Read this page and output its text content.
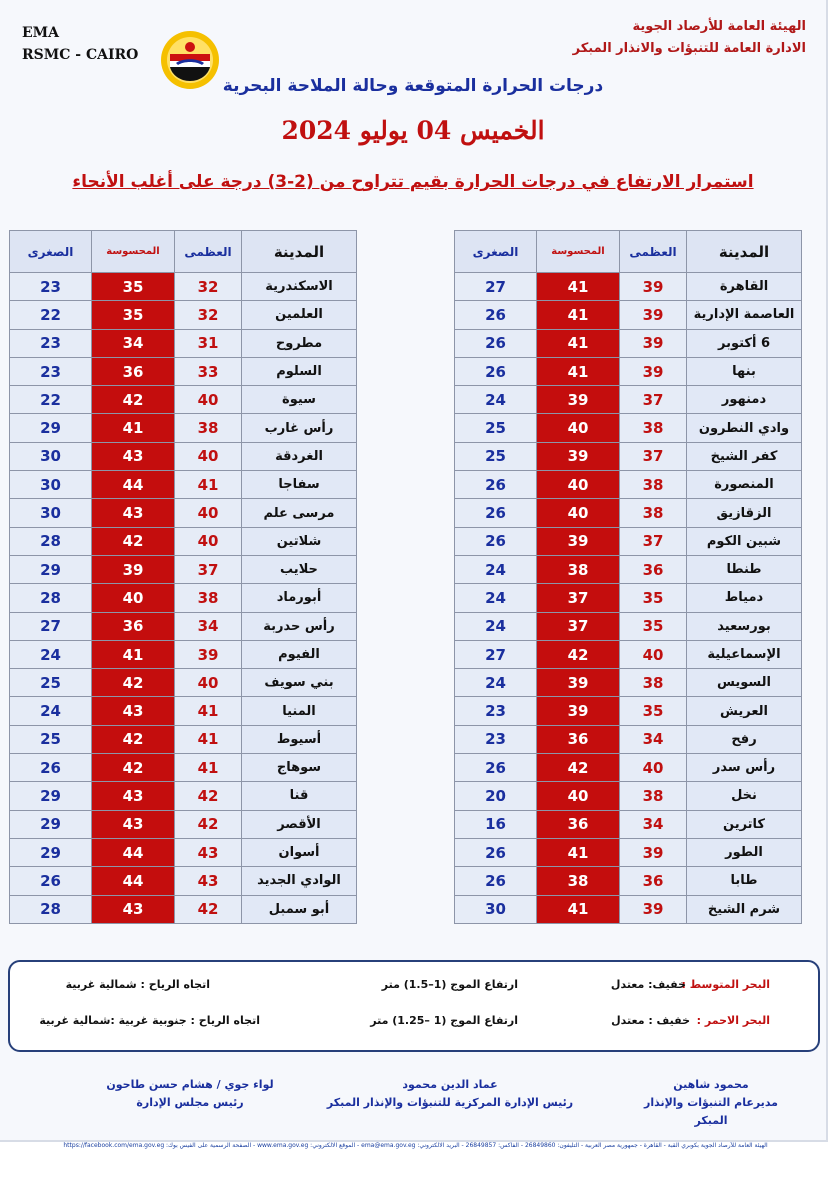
EMA
RSMC - CAIRO
الهيئة العامة للأرصاد الجوية
الادارة العامة للتنبؤات والانذار المبكر
درجات الحرارة المتوقعة وحالة الملاحة البحرية
الخميس 04 يوليو 2024
استمرار الارتفاع في درجات الحرارة بقيم تتراوح من (2-3) درجة على أغلب الأنحاء
المدينة	العظمى	المحسوسة	الصغرى
القاهرة	39	41	27
العاصمة الإدارية	39	41	26
6 أكتوبر	39	41	26
بنها	39	41	26
دمنهور	37	39	24
وادي النطرون	38	40	25
كفر الشيخ	37	39	25
المنصورة	38	40	26
الزقازيق	38	40	26
شبين الكوم	37	39	26
طنطا	36	38	24
دمياط	35	37	24
بورسعيد	35	37	24
الإسماعيلية	40	42	27
السويس	38	39	24
العريش	35	39	23
رفح	34	36	23
رأس سدر	40	42	26
نخل	38	40	20
كاترين	34	36	16
الطور	39	41	26
طابا	36	38	26
شرم الشيخ	39	41	30
المدينة	العظمى	المحسوسة	الصغرى
الاسكندرية	32	35	23
العلمين	32	35	22
مطروح	31	34	23
السلوم	33	36	23
سيوة	40	42	22
رأس غارب	38	41	29
الغردقة	40	43	30
سفاجا	41	44	30
مرسى علم	40	43	30
شلاتين	40	42	28
حلايب	37	39	29
أبورماد	38	40	28
رأس حدربة	34	36	27
الفيوم	39	41	24
بني سويف	40	42	25
المنيا	41	43	24
أسيوط	41	42	25
سوهاج	41	42	26
قنا	42	43	29
الأقصر	42	43	29
أسوان	43	44	29
الوادي الجديد	43	44	26
أبو سمبل	42	43	28
البحر المتوسط :
خفيف: معتدل
ارتفاع الموج (1–1.5) متر
اتجاه الرياح : شمالية غربية
البحر الاحمر :
خفيف : معتدل
ارتفاع الموج (1 –1.25) متر
اتجاه الرياح : جنوبية غربية :شمالية غربية
محمود شاهين
مديرعام التنبؤات والإنذار المبكر
عماد الدين محمود
رئيس الإدارة المركزية للتنبؤات والإنذار المبكر
لواء جوي / هشام حسن طاحون
رئيس مجلس الإدارة
الهيئة العامة للأرصاد الجوية بكوبري القبة - القاهرة - جمهورية مصر العربية - التليفون: 26849860 - الفاكس: 26849857 - البريد الالكتروني: ema@ema.gov.eg - الموقع الالكتروني: www.ema.gov.eg - الصفحة الرسمية على الفيس بوك: https://facebook.com/ema.gov.eg
